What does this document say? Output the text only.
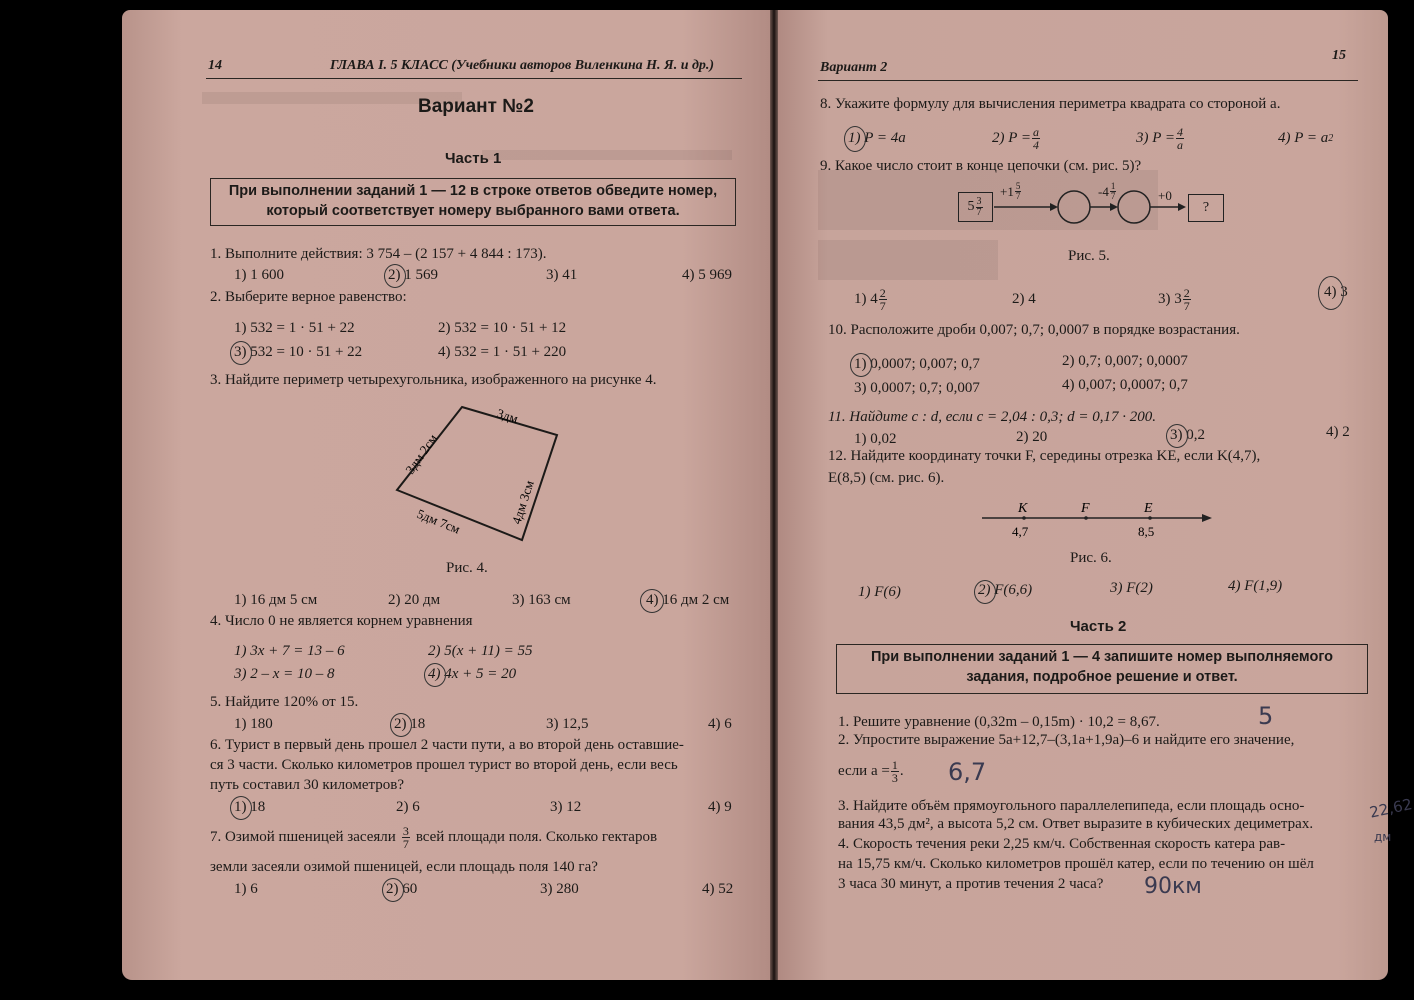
14	ГЛАВА I. 5 КЛАСС (Учебники авторов Виленкина Н. Я. и др.)
Вариант №2
Часть 1
При выполнении заданий 1 — 12 в строке ответов обведите номер,
который соответствует номеру выбранного вами ответа.
1. Выполните действия: 3 754 – (2 157 + 4 844 : 173).
1) 1 600	2) 1 569	3) 41	4) 5 969
2. Выберите верное равенство:
1) 532 = 1 · 51 + 22	2) 532 = 10 · 51 + 12
3) 532 = 10 · 51 + 22	4) 532 = 1 · 51 + 220
3. Найдите периметр четырехугольника, изображенного на рисунке 4.
3дм
3дм 2см
4дм 3см
5дм 7см
Рис. 4.
1) 16 дм 5 см	2) 20 дм	3) 163 см	4) 16 дм 2 см
4. Число 0 не является корнем уравнения
1) 3x + 7 = 13 – 6	2) 5(x + 11) = 55
3) 2 – x = 10 – 8	4) 4x + 5 = 20
5. Найдите 120% от 15.
1) 180	2) 18	3) 12,5	4) 6
6. Турист в первый день прошел 2 части пути, а во второй день оставшие-
ся 3 части. Сколько километров прошел турист во второй день, если весь
путь составил 30 километров?
1) 18	2) 6	3) 12	4) 9
7. Озимой пшеницей засеяли $\frac{3}{7}$ всей площади поля. Сколько гектаров
земли засеяли озимой пшеницей, если площадь поля 140 га?
1) 6	2) 60	3) 280	4) 52
Вариант 2
15
8. Укажите формулу для вычисления периметра квадрата со стороной a.
1) P = 4a	2) $P = \frac{a}{4}$	3) $P = \frac{4}{a}$	4) P = a 2
9. Какое число стоит в конце цепочки (см. рис. 5)?
$5 \frac{3}{7}$
$+1 \frac{5}{7}$	$-4 \frac{1}{7}$	+0
?
Рис. 5.
1) $4 \frac{2}{7}$	2) 4	3) $3 \frac{2}{7}$	4) 3
10. Расположите дроби 0,007; 0,7; 0,0007 в порядке возрастания.
1) 0,0007; 0,007; 0,7	2) 0,7; 0,007; 0,0007
3) 0,0007; 0,7; 0,007	4) 0,007; 0,0007; 0,7
11. Найдите c : d, если c = 2,04 : 0,3; d = 0,17 · 200.
1) 0,02	2) 20	3) 0,2	4) 2
12. Найдите координату точки F, середины отрезка KE, если K(4,7),
E(8,5) (см. рис. 6).
K	F	E
4,7	8,5
Рис. 6.
1) F(6)	2) F(6,6)	3) F(2)	4) F(1,9)
Часть 2
При выполнении заданий 1 — 4 запишите номер выполняемого
задания, подробное решение и ответ.
1. Решите уравнение (0,32m – 0,15m) · 10,2 = 8,67.
2. Упростите выражение 5a+12,7–(3,1a+1,9a)–6 и найдите его значение,
если $a = \frac{1}{3}$ .
3. Найдите объём прямоугольного параллелепипеда, если площадь осно-
вания 43,5 дм², а высота 5,2 см. Ответ выразите в кубических дециметрах.
4. Скорость течения реки 2,25 км/ч. Собственная скорость катера рав-
на 15,75 км/ч. Сколько километров прошёл катер, если по течению он шёл
3 часа 30 минут, а против течения 2 часа?
5
6,7
22,62
дм
90км
